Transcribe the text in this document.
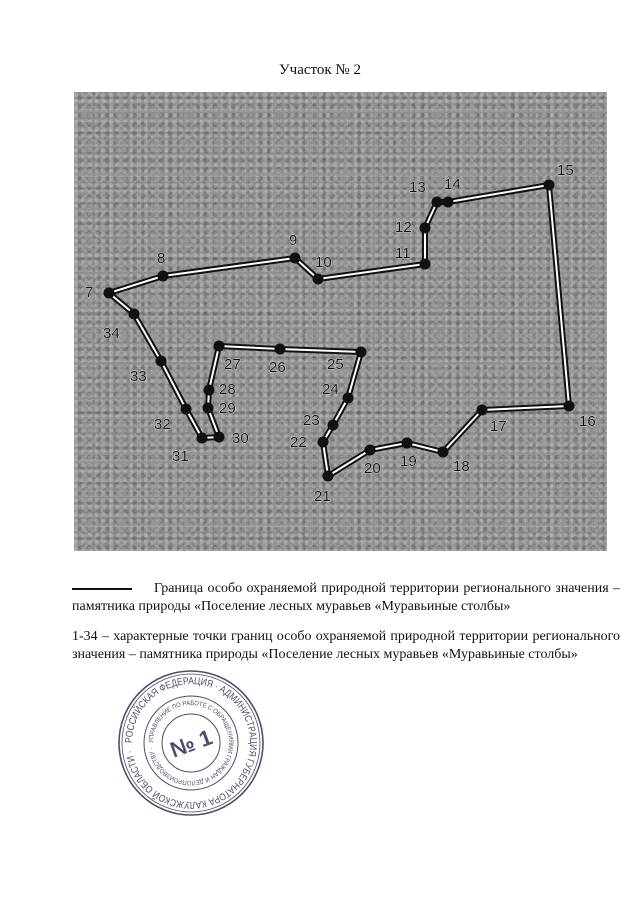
Участок № 2
7
8
9
10
11
12
13 14
15
16
17
18
19
20
21
22
23
24
25
26
27
28
29
30
31
32
33
34
Граница особо охраняемой природной территории регионального значения – памятника природы «Поселение лесных муравьев «Муравьиные столбы»
1-34 – характерные точки границ особо охраняемой природной территории регионального значения – памятника природы «Поселение лесных муравьев «Муравьиные столбы»
РОССИЙСКАЯ ФЕДЕРАЦИЯ · АДМИНИСТРАЦИЯ ГУБЕРНАТОРА КАЛУЖСКОЙ ОБЛАСТИ ·
УПРАВЛЕНИЕ ПО РАБОТЕ С ОБРАЩЕНИЯМИ ГРАЖДАН И ДЕЛОПРОИЗВОДСТВУ · № 1
